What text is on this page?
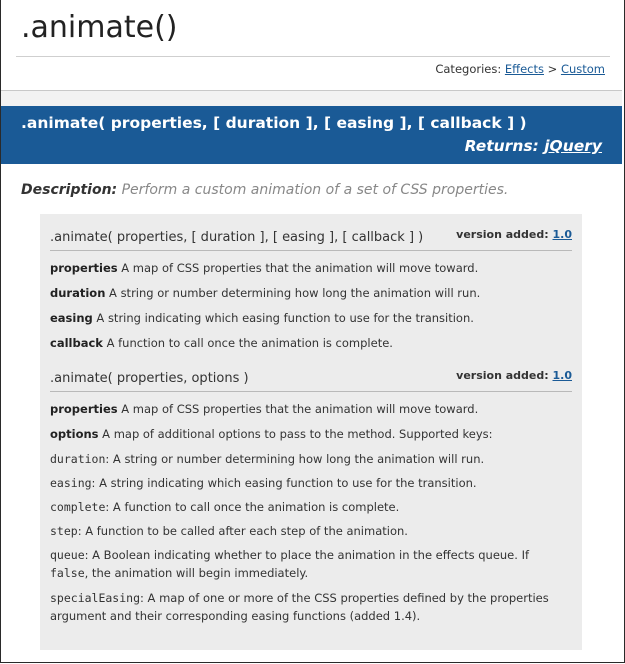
.animate()
Categories: Effects > Custom
.animate( properties, [ duration ], [ easing ], [ callback ] )
Returns: jQuery
Description: Perform a custom animation of a set of CSS properties.
.animate( properties, [ duration ], [ easing ], [ callback ] )	version added: 1.0
properties A map of CSS properties that the animation will move toward.
duration A string or number determining how long the animation will run.
easing A string indicating which easing function to use for the transition.
callback A function to call once the animation is complete.
.animate( properties, options )	version added: 1.0
properties A map of CSS properties that the animation will move toward.
options A map of additional options to pass to the method. Supported keys:
duration: A string or number determining how long the animation will run.
easing: A string indicating which easing function to use for the transition.
complete: A function to call once the animation is complete.
step: A function to be called after each step of the animation.
queue: A Boolean indicating whether to place the animation in the effects queue. If
false, the animation will begin immediately.
specialEasing: A map of one or more of the CSS properties defined by the properties
argument and their corresponding easing functions (added 1.4).
